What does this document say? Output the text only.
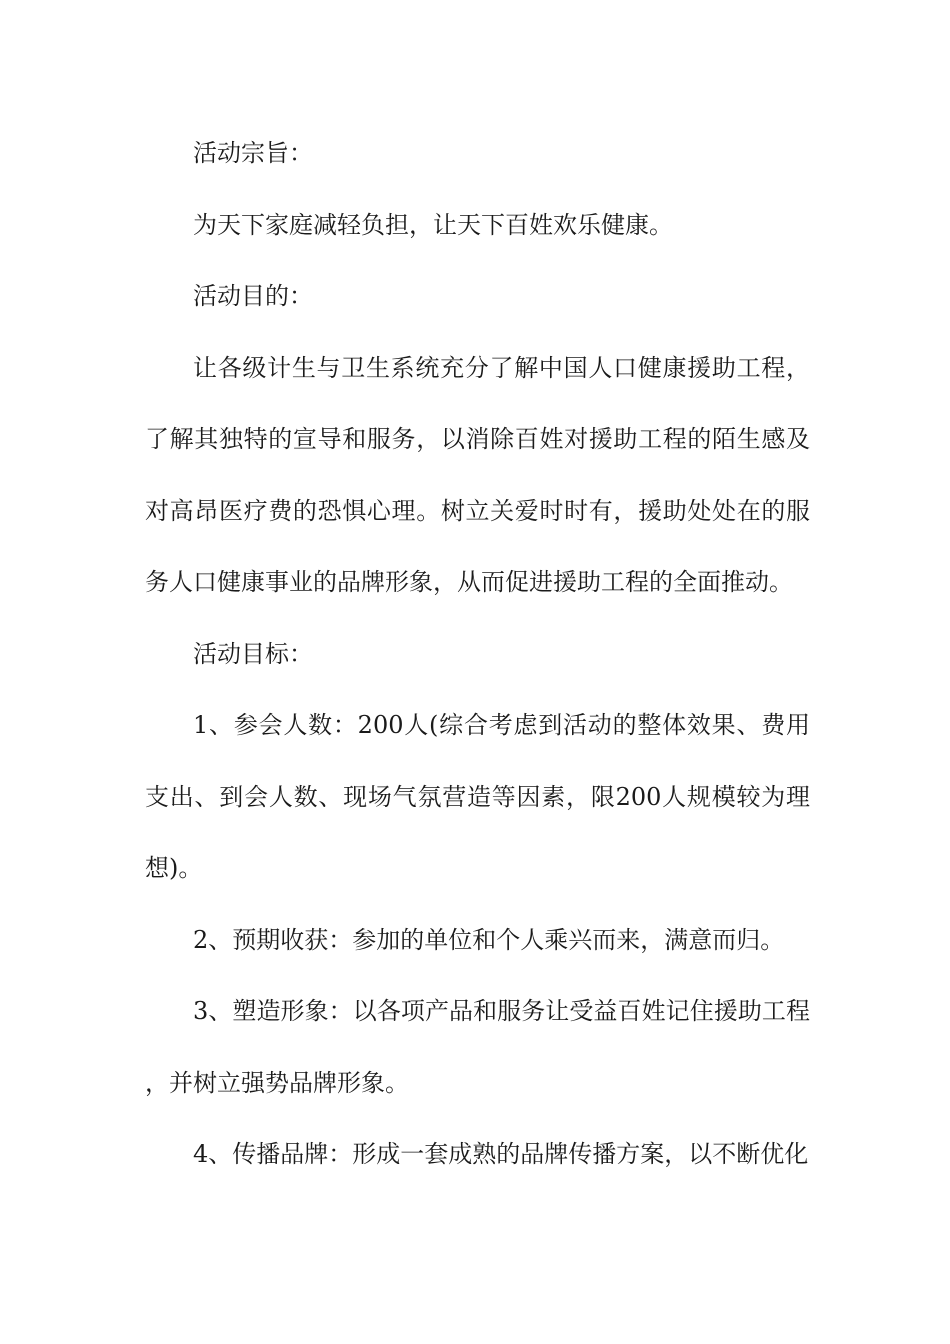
活动宗旨：

为天下家庭减轻负担，让天下百姓欢乐健康。

活动目的：

让各级计生与卫生系统充分了解中国人口健康援助工程，了解其独特的宣导和服务，以消除百姓对援助工程的陌生感及对高昂医疗费的恐惧心理。树立关爱时时有，援助处处在的服务人口健康事业的品牌形象，从而促进援助工程的全面推动。

活动目标：

1、参会人数：200人(综合考虑到活动的整体效果、费用支出、到会人数、现场气氛营造等因素，限200人规模较为理想)。

2、预期收获：参加的单位和个人乘兴而来，满意而归。

3、塑造形象：以各项产品和服务让受益百姓记住援助工程，并树立强势品牌形象。

4、传播品牌：形成一套成熟的品牌传播方案，以不断优化
